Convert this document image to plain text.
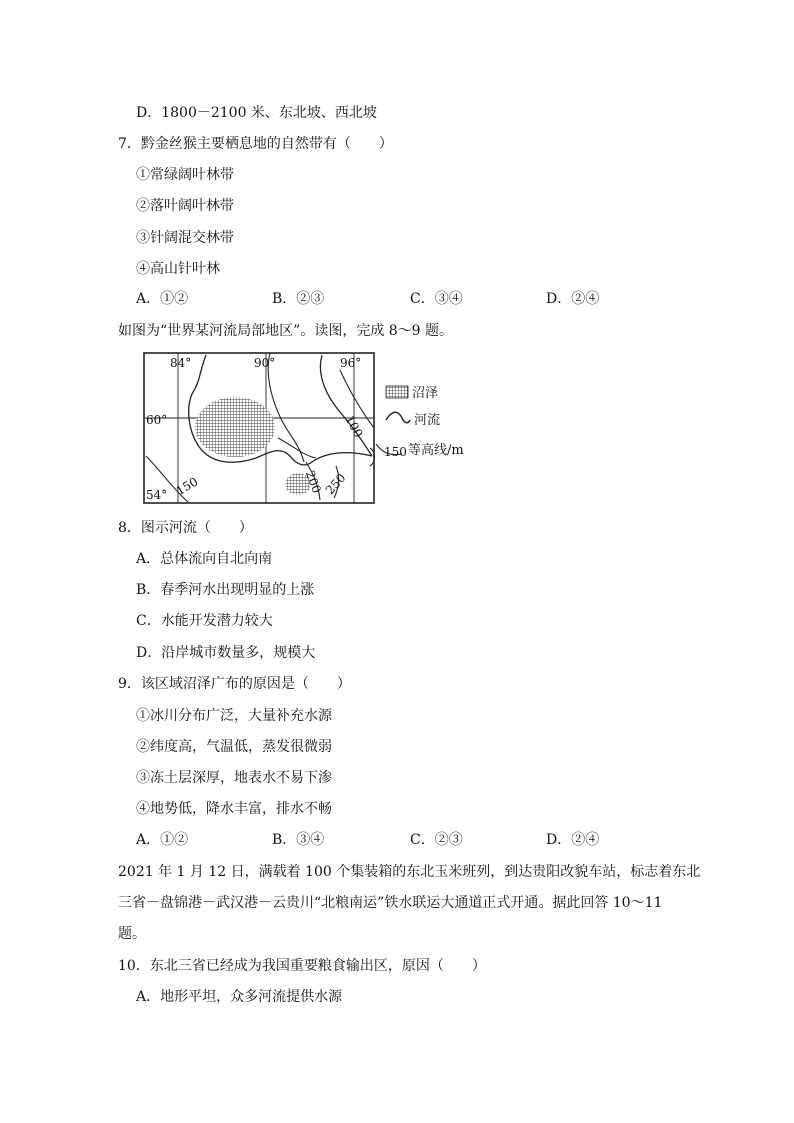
D．1800－2100 米、东北坡、西北坡
7．黔金丝猴主要栖息地的自然带有（　　）
①常绿阔叶林带
②落叶阔叶林带
③针阔混交林带
④高山针叶林
A．①②	B．②③	C．③④	D．②④
如图为“世界某河流局部地区”。读图，完成 8～9 题。
84°	90°	96°
60°
54°
100
150	200
250
沼泽
河流
150 等高线/m
8．图示河流（　　）
A．总体流向自北向南
B．春季河水出现明显的上涨
C．水能开发潜力较大
D．沿岸城市数量多，规模大
9．该区域沼泽广布的原因是（　　）
①冰川分布广泛，大量补充水源
②纬度高，气温低，蒸发很微弱
③冻土层深厚，地表水不易下渗
④地势低，降水丰富，排水不畅
A．①②	B．③④	C．②③	D．②④
2021 年 1 月 12 日，满载着 100 个集装箱的东北玉米班列，到达贵阳改貌车站，标志着东北
三省－盘锦港－武汉港－云贵川“北粮南运”铁水联运大通道正式开通。据此回答 10～11
题。
10．东北三省已经成为我国重要粮食输出区，原因（　　）
A．地形平坦，众多河流提供水源
